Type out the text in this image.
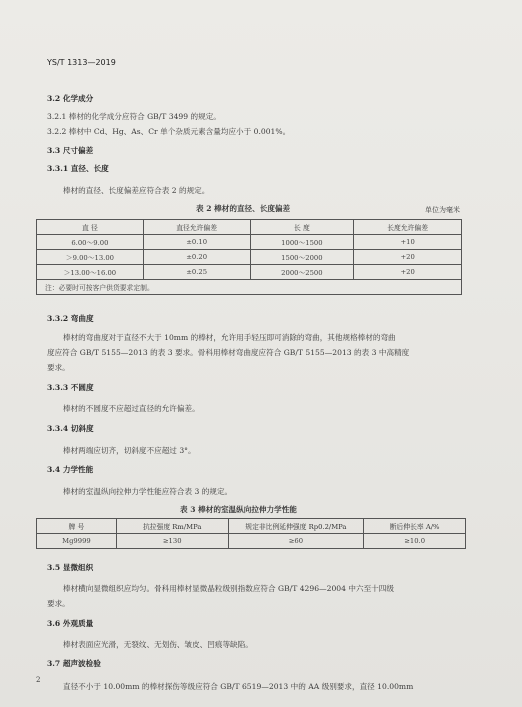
YS/T 1313—2019
3.2 化学成分
3.2.1 棒材的化学成分应符合 GB/T 3499 的规定。
3.2.2 棒材中 Cd、Hg、As、Cr 单个杂质元素含量均应小于 0.001%。
3.3 尺寸偏差
3.3.1 直径、长度
棒材的直径、长度偏差应符合表 2 的规定。
表 2 棒材的直径、长度偏差	单位为毫米
直 径	直径允许偏差	长 度	长度允许偏差
6.00～9.00	±0.10	1000～1500	+10
＞9.00～13.00	±0.20	1500～2000	+20
＞13.00～16.00	±0.25	2000～2500	+20
注：必要时可按客户供货要求定制。			
3.3.2 弯曲度
棒材的弯曲度对于直径不大于 10mm 的棒材，允许用手轻压即可消除的弯曲，其他规格棒材的弯曲
度应符合 GB/T 5155—2013 的表 3 要求。骨科用棒材弯曲度应符合 GB/T 5155—2013 的表 3 中高精度
要求。
3.3.3 不圆度
棒材的不圆度不应超过直径的允许偏差。
3.3.4 切斜度
棒材两端应切齐，切斜度不应超过 3°。
3.4 力学性能
棒材的室温纵向拉伸力学性能应符合表 3 的规定。
表 3 棒材的室温纵向拉伸力学性能
牌 号	抗拉强度 Rm/MPa	规定非比例延伸强度 Rp0.2/MPa	断后伸长率 A/%
Mg9999	≥130	≥60	≥10.0
3.5 显微组织
棒材横向显微组织应均匀。骨科用棒材显微晶粒级别指数应符合 GB/T 4296—2004 中六至十四级
要求。
3.6 外观质量
棒材表面应光滑，无裂纹、无划伤、皱皮、凹痕等缺陷。
3.7 超声波检验
直径不小于 10.00mm 的棒材探伤等级应符合 GB/T 6519—2013 中的 AA 级别要求，直径 10.00mm
2
